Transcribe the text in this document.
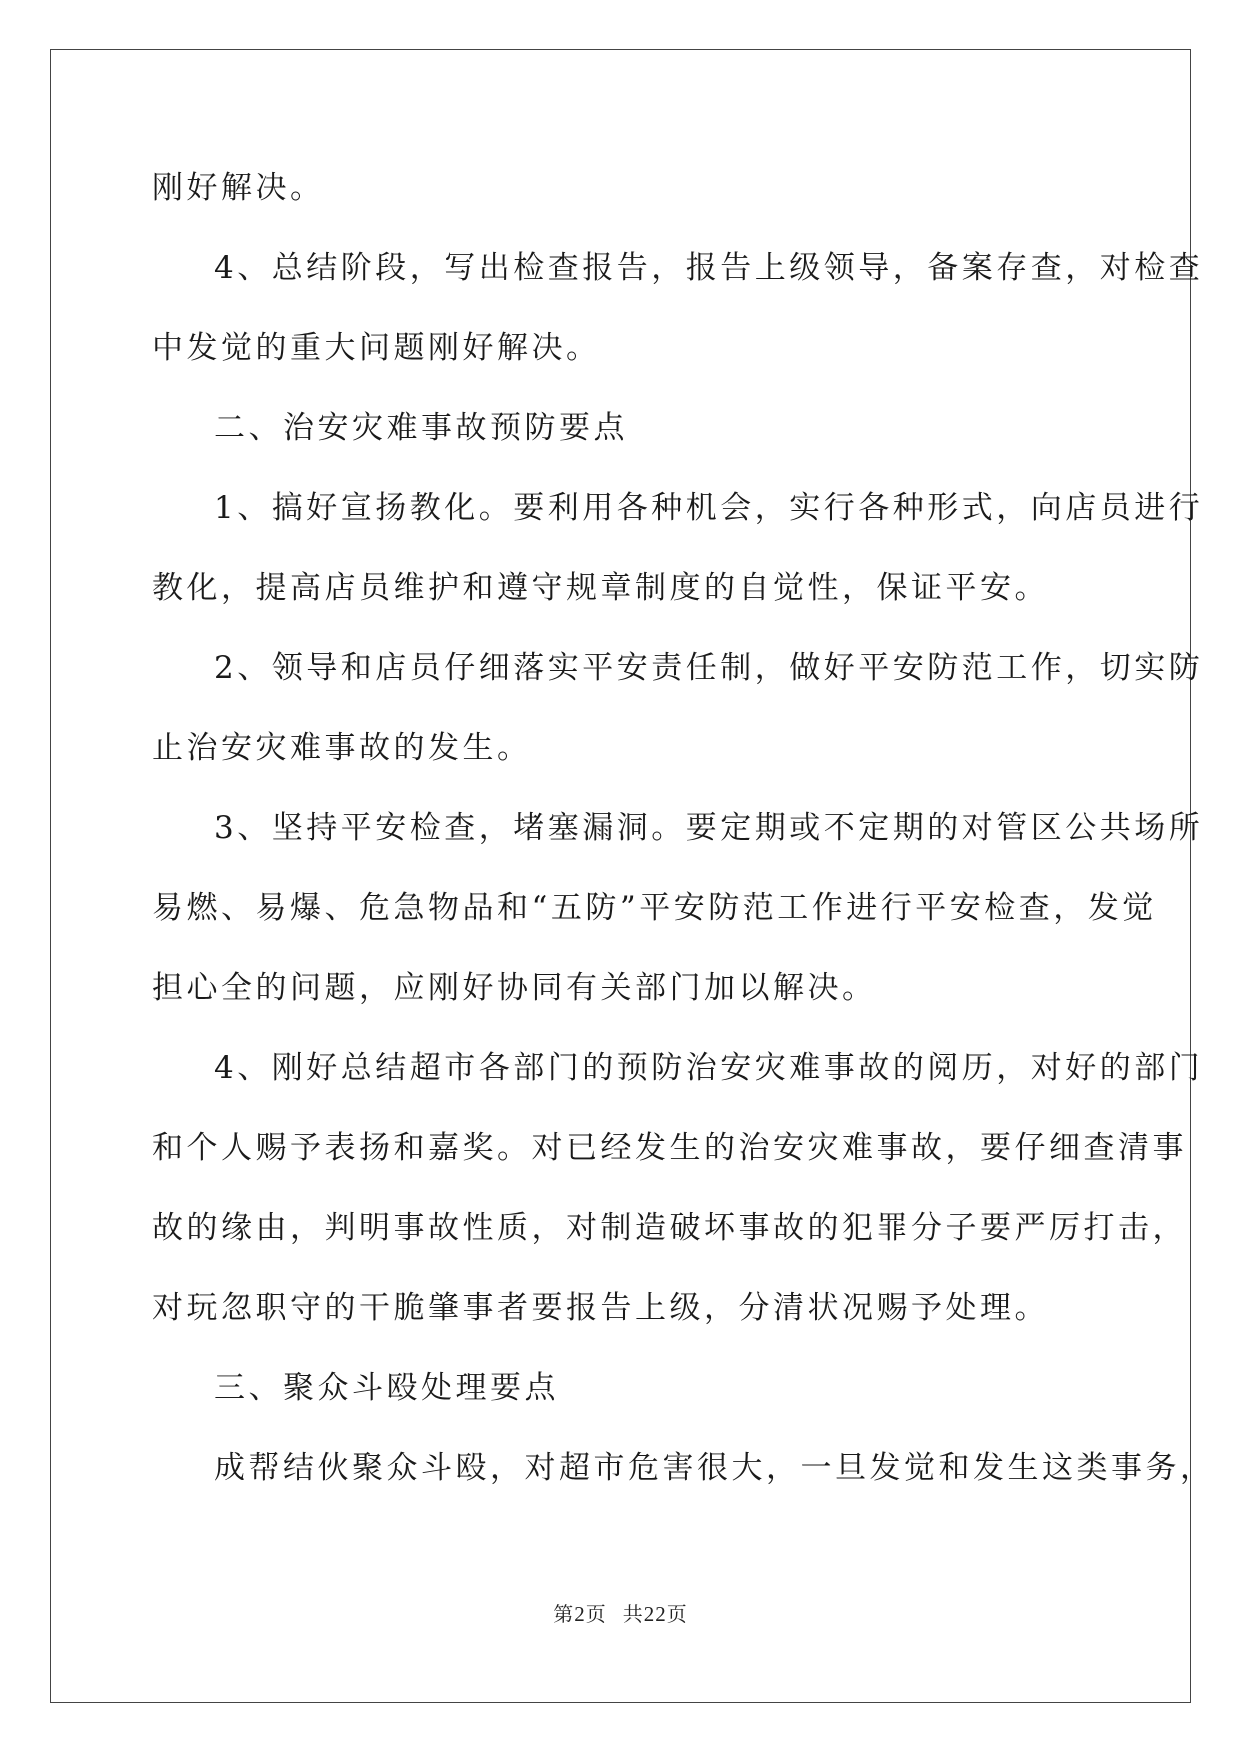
刚好解决。

4、总结阶段，写出检查报告，报告上级领导，备案存查，对检查

中发觉的重大问题刚好解决。

二、治安灾难事故预防要点

1、搞好宣扬教化。要利用各种机会，实行各种形式，向店员进行

教化，提高店员维护和遵守规章制度的自觉性，保证平安。

2、领导和店员仔细落实平安责任制，做好平安防范工作，切实防

止治安灾难事故的发生。

3、坚持平安检查，堵塞漏洞。要定期或不定期的对管区公共场所

易燃、易爆、危急物品和“五防”平安防范工作进行平安检查，发觉

担心全的问题，应刚好协同有关部门加以解决。

4、刚好总结超市各部门的预防治安灾难事故的阅历，对好的部门

和个人赐予表扬和嘉奖。对已经发生的治安灾难事故，要仔细查清事

故的缘由，判明事故性质，对制造破坏事故的犯罪分子要严厉打击，

对玩忽职守的干脆肇事者要报告上级，分清状况赐予处理。

三、聚众斗殴处理要点

成帮结伙聚众斗殴，对超市危害很大，一旦发觉和发生这类事务，

第2页 共22页
